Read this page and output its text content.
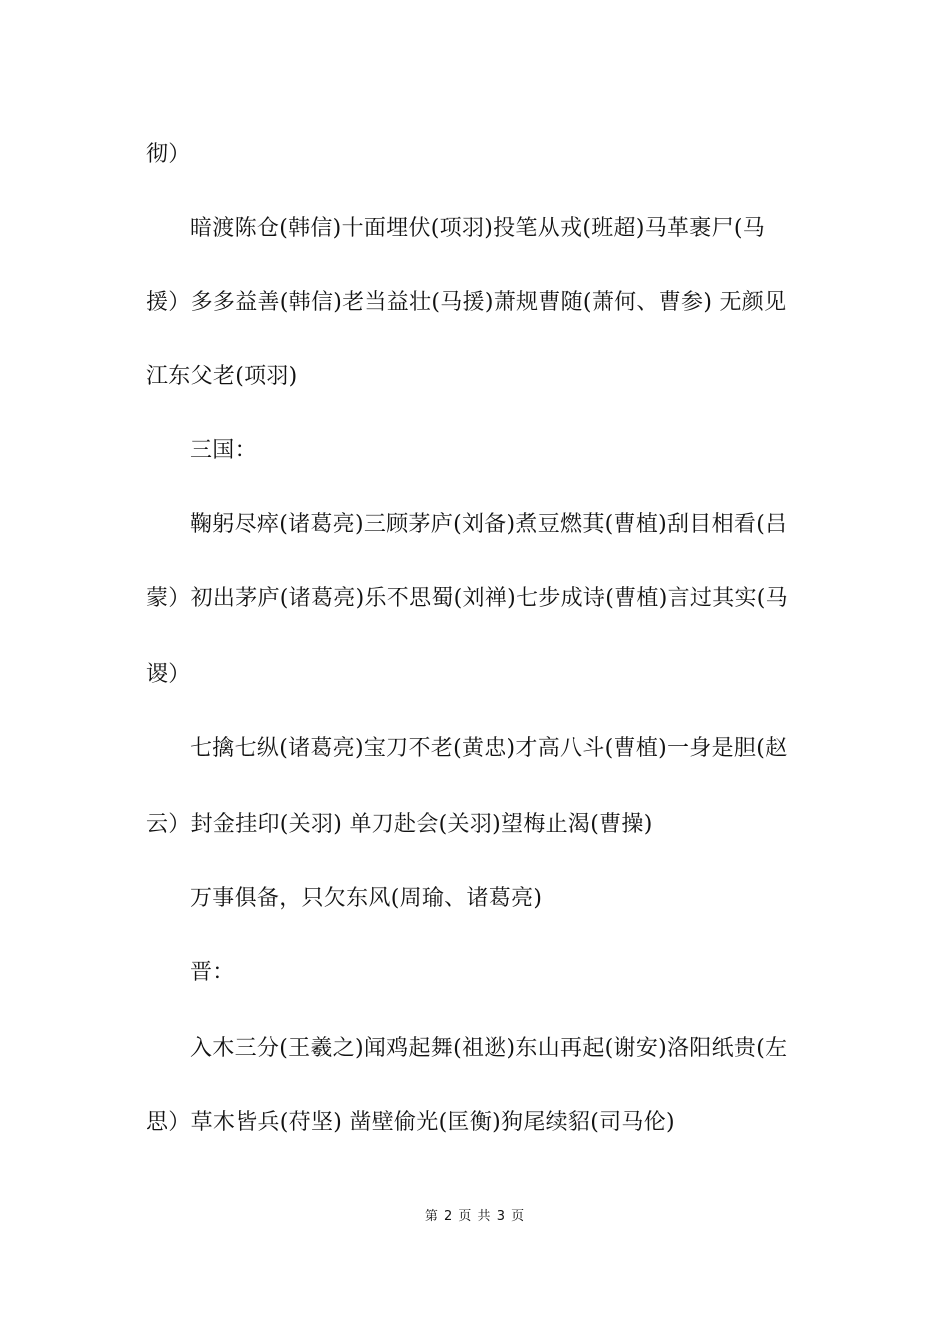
彻）
暗渡陈仓(韩信)十面埋伏(项羽)投笔从戎(班超)马革裹尸(马
援）多多益善(韩信)老当益壮(马援)萧规曹随(萧何、曹参) 无颜见
江东父老(项羽)
三国：
鞠躬尽瘁(诸葛亮)三顾茅庐(刘备)煮豆燃萁(曹植)刮目相看(吕
蒙）初出茅庐(诸葛亮)乐不思蜀(刘禅)七步成诗(曹植)言过其实(马
谡）
七擒七纵(诸葛亮)宝刀不老(黄忠)才高八斗(曹植)一身是胆(赵
云）封金挂印(关羽) 单刀赴会(关羽)望梅止渴(曹操)
万事俱备，只欠东风(周瑜、诸葛亮)
晋：
入木三分(王羲之)闻鸡起舞(祖逖)东山再起(谢安)洛阳纸贵(左
思）草木皆兵(苻坚) 凿壁偷光(匡衡)狗尾续貂(司马伦)
第 2 页 共 3 页
